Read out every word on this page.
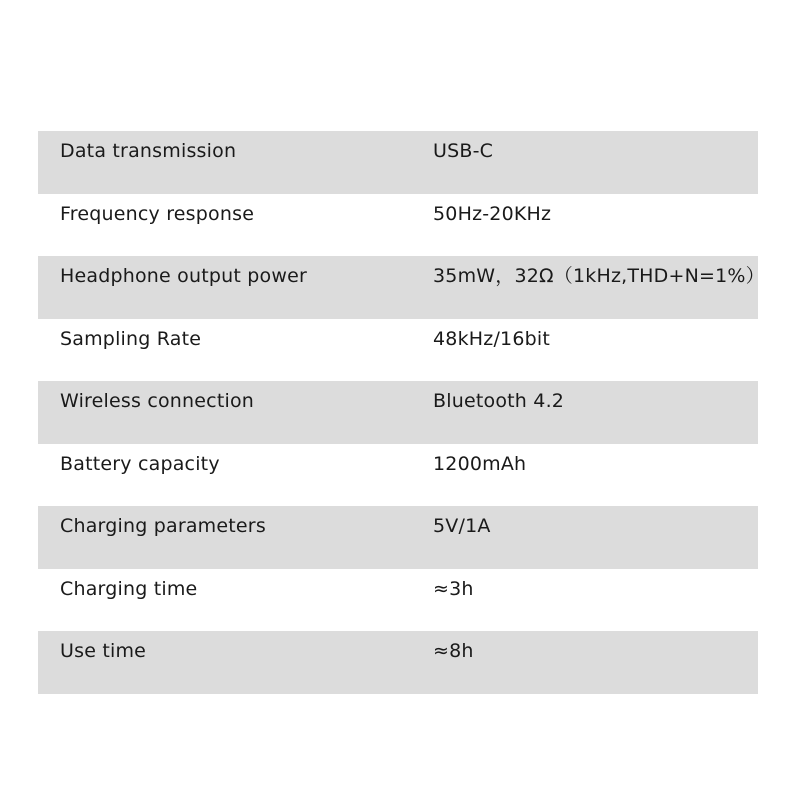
Data transmission	USB-C
Frequency response	50Hz-20KHz
Headphone output power	35mW，32Ω（1kHz,THD+N=1%）
Sampling Rate	48kHz/16bit
Wireless connection	Bluetooth 4.2
Battery capacity	1200mAh
Charging parameters	5V/1A
Charging time	≈3h
Use time	≈8h
